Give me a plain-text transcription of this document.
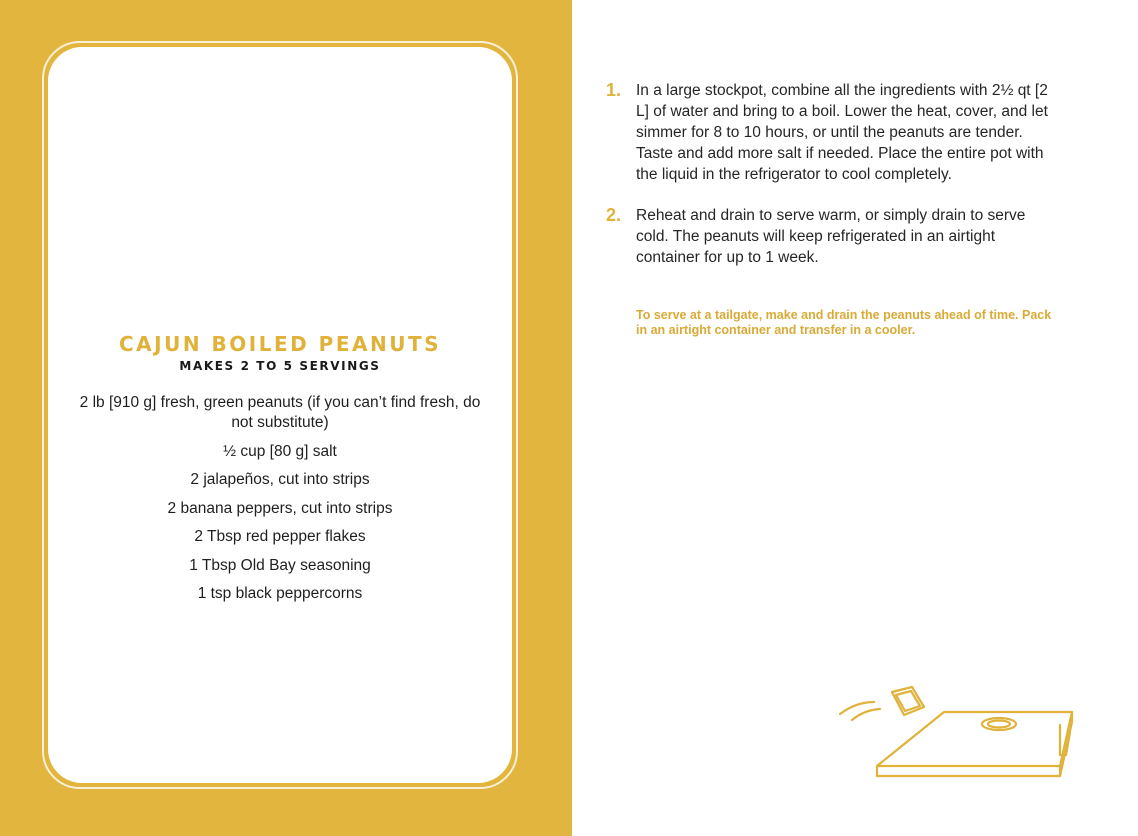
CAJUN BOILED PEANUTS
MAKES 2 TO 5 SERVINGS
2 lb [910 g] fresh, green peanuts (if you can’t find fresh, do not substitute)
½ cup [80 g] salt
2 jalapeños, cut into strips
2 banana peppers, cut into strips
2 Tbsp red pepper flakes
1 Tbsp Old Bay seasoning
1 tsp black peppercorns
1. In a large stockpot, combine all the ingredients with 2½ qt [2 L] of water and bring to a boil. Lower the heat, cover, and let simmer for 8 to 10 hours, or until the peanuts are tender. Taste and add more salt if needed. Place the entire pot with the liquid in the refrigerator to cool completely.

2. Reheat and drain to serve warm, or simply drain to serve cold. The peanuts will keep refrigerated in an airtight container for up to 1 week.

To serve at a tailgate, make and drain the peanuts ahead of time. Pack in an airtight container and transfer in a cooler.
